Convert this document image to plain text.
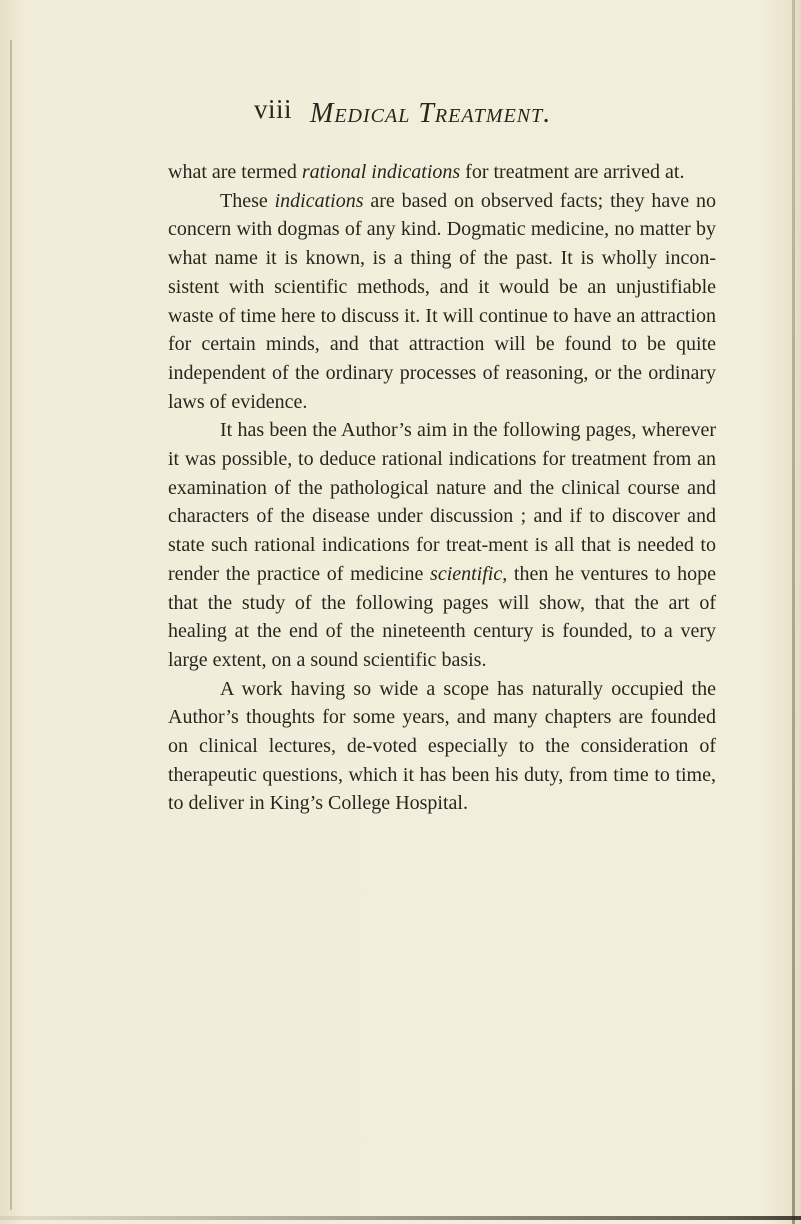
viii Medical Treatment.

what are termed rational indications for treatment are arrived at.

These indications are based on observed facts; they have no concern with dogmas of any kind. Dogmatic medicine, no matter by what name it is known, is a thing of the past. It is wholly incon-sistent with scientific methods, and it would be an unjustifiable waste of time here to discuss it. It will continue to have an attraction for certain minds, and that attraction will be found to be quite independent of the ordinary processes of reasoning, or the ordinary laws of evidence.

It has been the Author’s aim in the following pages, wherever it was possible, to deduce rational indications for treatment from an examination of the pathological nature and the clinical course and characters of the disease under discussion ; and if to discover and state such rational indications for treat-ment is all that is needed to render the practice of medicine scientific, then he ventures to hope that the study of the following pages will show, that the art of healing at the end of the nineteenth century is founded, to a very large extent, on a sound scientific basis.

A work having so wide a scope has naturally occupied the Author’s thoughts for some years, and many chapters are founded on clinical lectures, de-voted especially to the consideration of therapeutic questions, which it has been his duty, from time to time, to deliver in King’s College Hospital.
